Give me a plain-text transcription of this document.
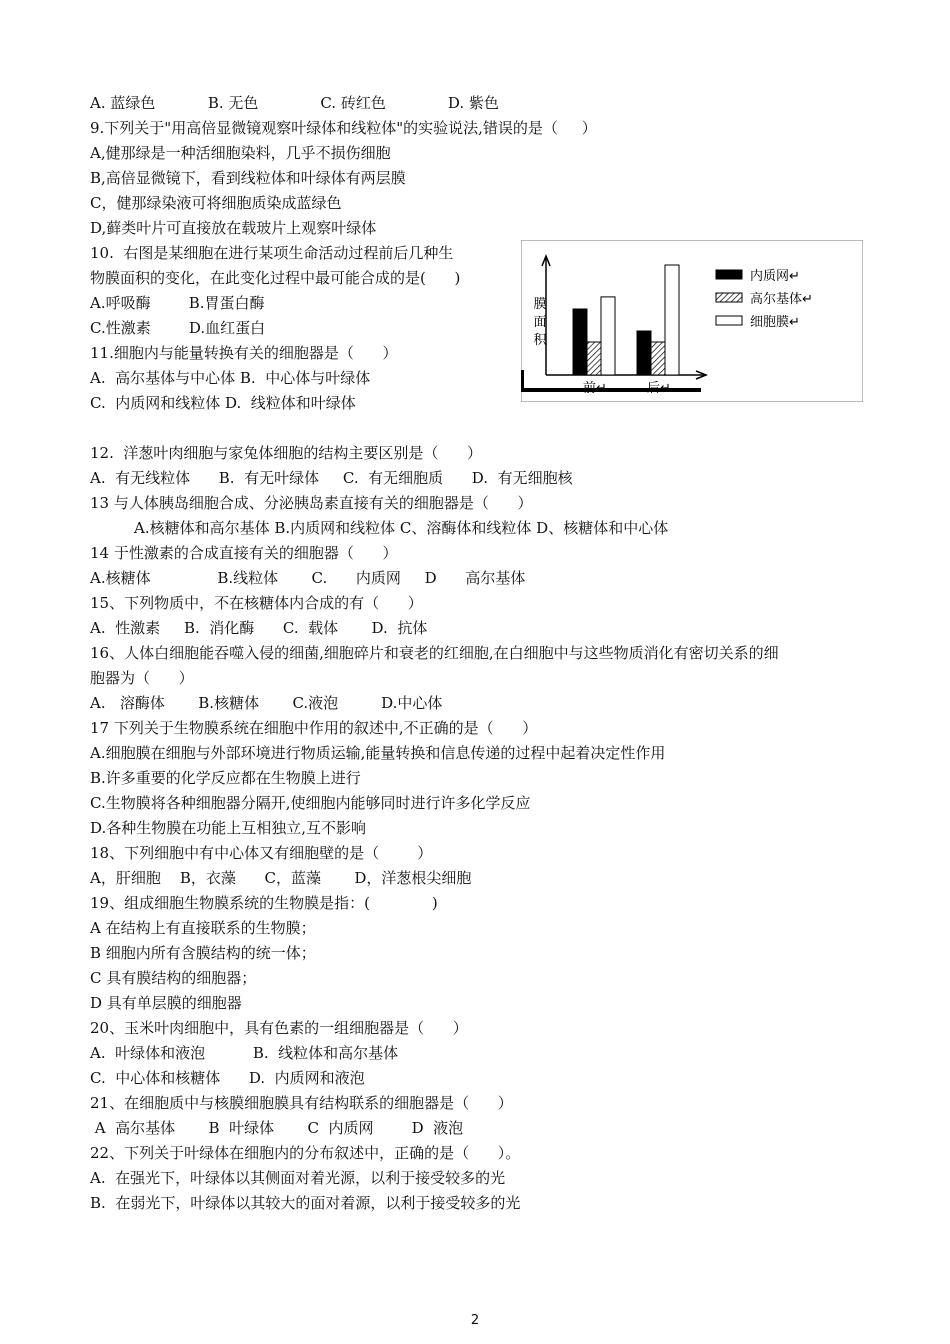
A. 蓝绿色           B. 无色             C. 砖红色             D. 紫色
9.下列关于"用高倍显微镜观察叶绿体和线粒体"的实验说法,错误的是（     ）
A,健那绿是一种活细胞染料，几乎不损伤细胞
B,高倍显微镜下，看到线粒体和叶绿体有两层膜
C，健那绿染液可将细胞质染成蓝绿色
D,藓类叶片可直接放在载玻片上观察叶绿体
10.  右图是某细胞在进行某项生命活动过程前后几种生
物膜面积的变化，在此变化过程中最可能合成的是(      )
A.呼吸酶        B.胃蛋白酶
C.性激素        D.血红蛋白
11.细胞内与能量转换有关的细胞器是（      ）
A.  高尔基体与中心体 B.  中心体与叶绿体
C.  内质网和线粒体 D.  线粒体和叶绿体
12.  洋葱叶肉细胞与家兔体细胞的结构主要区别是（      ）
A.  有无线粒体      B.  有无叶绿体     C.  有无细胞质      D.  有无细胞核
13 与人体胰岛细胞合成、分泌胰岛素直接有关的细胞器是（      ）
A.核糖体和高尔基体 B.内质网和线粒体 C、溶酶体和线粒体 D、核糖体和中心体
14 于性激素的合成直接有关的细胞器（      ）
A.核糖体              B.线粒体       C.      内质网     D      高尔基体
15、下列物质中，不在核糖体内合成的有（      ）
A.  性激素     B.  消化酶      C.  载体       D.  抗体
16、人体白细胞能吞噬入侵的细菌,细胞碎片和衰老的红细胞,在白细胞中与这些物质消化有密切关系的细
胞器为（      ）
A.   溶酶体       B.核糖体       C.液泡         D.中心体
17 下列关于生物膜系统在细胞中作用的叙述中,不正确的是（      ）
A.细胞膜在细胞与外部环境进行物质运输,能量转换和信息传递的过程中起着决定性作用
B.许多重要的化学反应都在生物膜上进行
C.生物膜将各种细胞器分隔开,使细胞内能够同时进行许多化学反应
D.各种生物膜在功能上互相独立,互不影响
18、下列细胞中有中心体又有细胞壁的是（        ）
A，肝细胞    B，衣藻      C，蓝藻       D，洋葱根尖细胞
19、组成细胞生物膜系统的生物膜是指：(             )
A 在结构上有直接联系的生物膜；
B 细胞内所有含膜结构的统一体；
C 具有膜结构的细胞器；
D 具有单层膜的细胞器
20、玉米叶肉细胞中，具有色素的一组细胞器是（      ）
A.  叶绿体和液泡          B.  线粒体和高尔基体
C.  中心体和核糖体      D.  内质网和液泡
21、在细胞质中与核膜细胞膜具有结构联系的细胞器是（      ）
A  高尔基体       B  叶绿体       C  内质网        D  液泡
22、下列关于叶绿体在细胞内的分布叙述中，正确的是（      ）。
A.  在强光下，叶绿体以其侧面对着光源，以利于接受较多的光
B.  在弱光下，叶绿体以其较大的面对着源，以利于接受较多的光
膜面积
前↵	后↵
内质网↵
高尔基体↵
细胞膜↵
2
